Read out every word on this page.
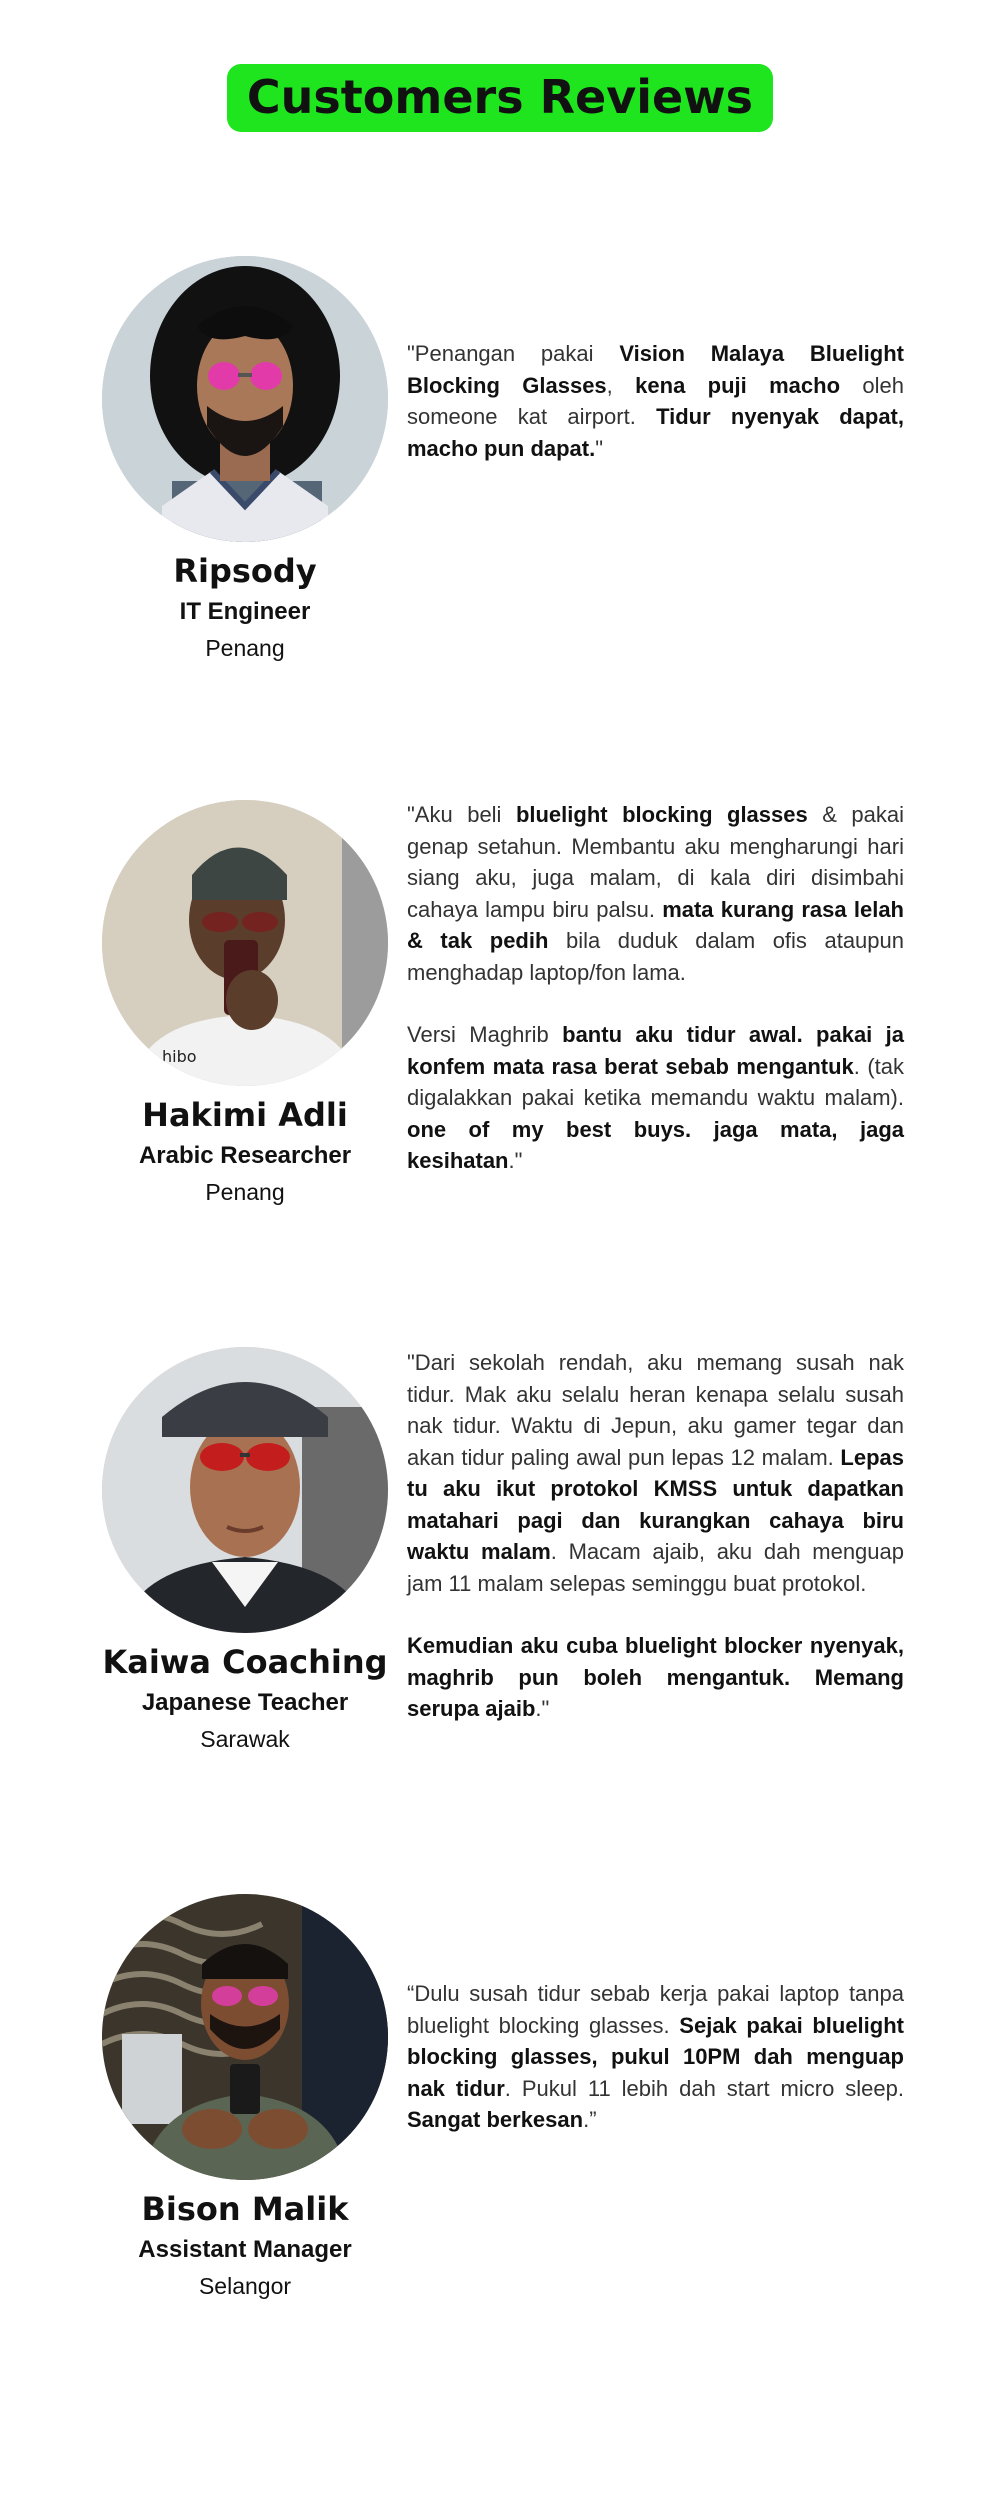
Customers Reviews
Ripsody
IT Engineer
Penang

"Penangan pakai Vision Malaya Bluelight Blocking Glasses, kena puji macho oleh someone kat airport. Tidur nyenyak dapat, macho pun dapat."

hibo
Hakimi Adli
Arabic Researcher
Penang

"Aku beli bluelight blocking glasses & pakai genap setahun. Membantu aku mengharungi hari siang aku, juga malam, di kala diri disimbahi cahaya lampu biru palsu. mata kurang rasa lelah & tak pedih bila duduk dalam ofis ataupun menghadap laptop/fon lama.

Versi Maghrib bantu aku tidur awal. pakai ja konfem mata rasa berat sebab mengantuk. (tak digalakkan pakai ketika memandu waktu malam). one of my best buys. jaga mata, jaga kesihatan."

Kaiwa Coaching
Japanese Teacher
Sarawak

"Dari sekolah rendah, aku memang susah nak tidur. Mak aku selalu heran kenapa selalu susah nak tidur. Waktu di Jepun, aku gamer tegar dan akan tidur paling awal pun lepas 12 malam. Lepas tu aku ikut protokol KMSS untuk dapatkan matahari pagi dan kurangkan cahaya biru waktu malam. Macam ajaib, aku dah menguap jam 11 malam selepas seminggu buat protokol.

Kemudian aku cuba bluelight blocker nyenyak, maghrib pun boleh mengantuk. Memang serupa ajaib."

Bison Malik
Assistant Manager
Selangor

“Dulu susah tidur sebab kerja pakai laptop tanpa bluelight blocking glasses. Sejak pakai bluelight blocking glasses, pukul 10PM dah menguap nak tidur. Pukul 11 lebih dah start micro sleep. Sangat berkesan.”
